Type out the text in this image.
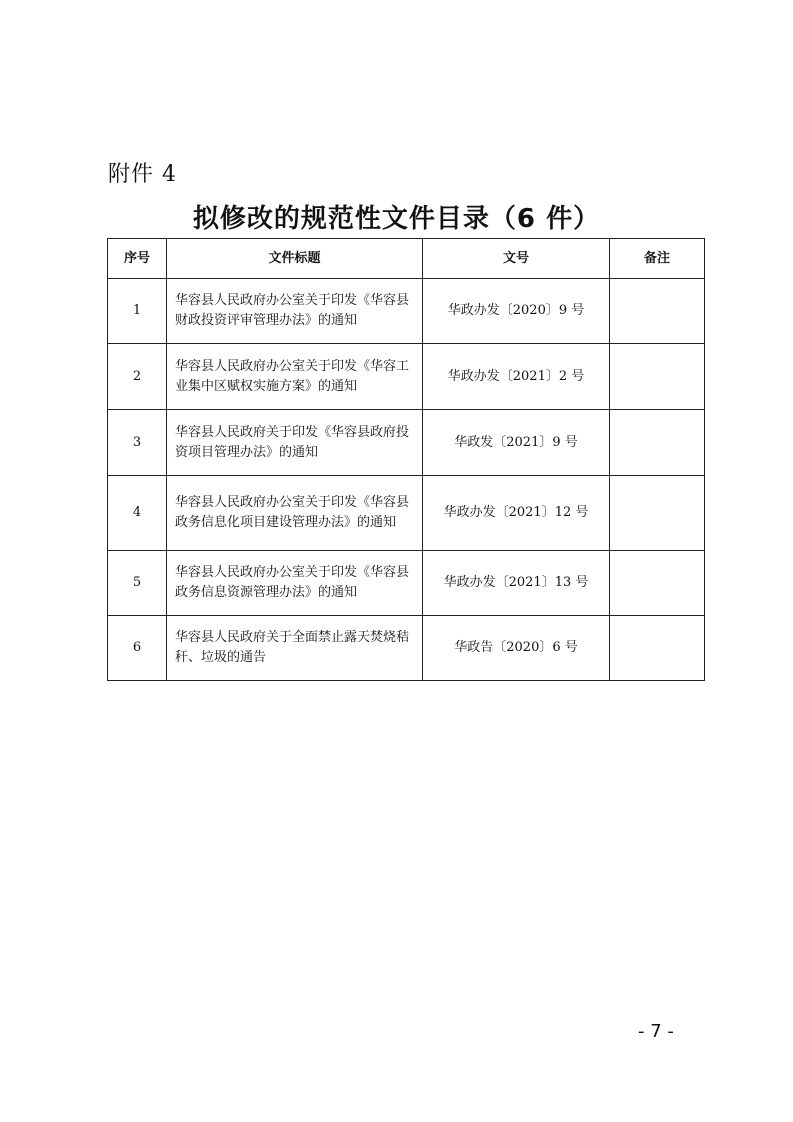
附件 4
拟修改的规范性文件目录（6 件）
序号	文件标题	文号	备注
1	华容县人民政府办公室关于印发《华容县财政投资评审管理办法》的通知	华政办发〔2020〕9 号	
2	华容县人民政府办公室关于印发《华容工业集中区赋权实施方案》的通知	华政办发〔2021〕2 号	
3	华容县人民政府关于印发《华容县政府投资项目管理办法》的通知	华政发〔2021〕9 号	
4	华容县人民政府办公室关于印发《华容县政务信息化项目建设管理办法》的通知	华政办发〔2021〕12 号	
5	华容县人民政府办公室关于印发《华容县政务信息资源管理办法》的通知	华政办发〔2021〕13 号	
6	华容县人民政府关于全面禁止露天焚烧秸秆、垃圾的通告	华政告〔2020〕6 号	
- 7 -
